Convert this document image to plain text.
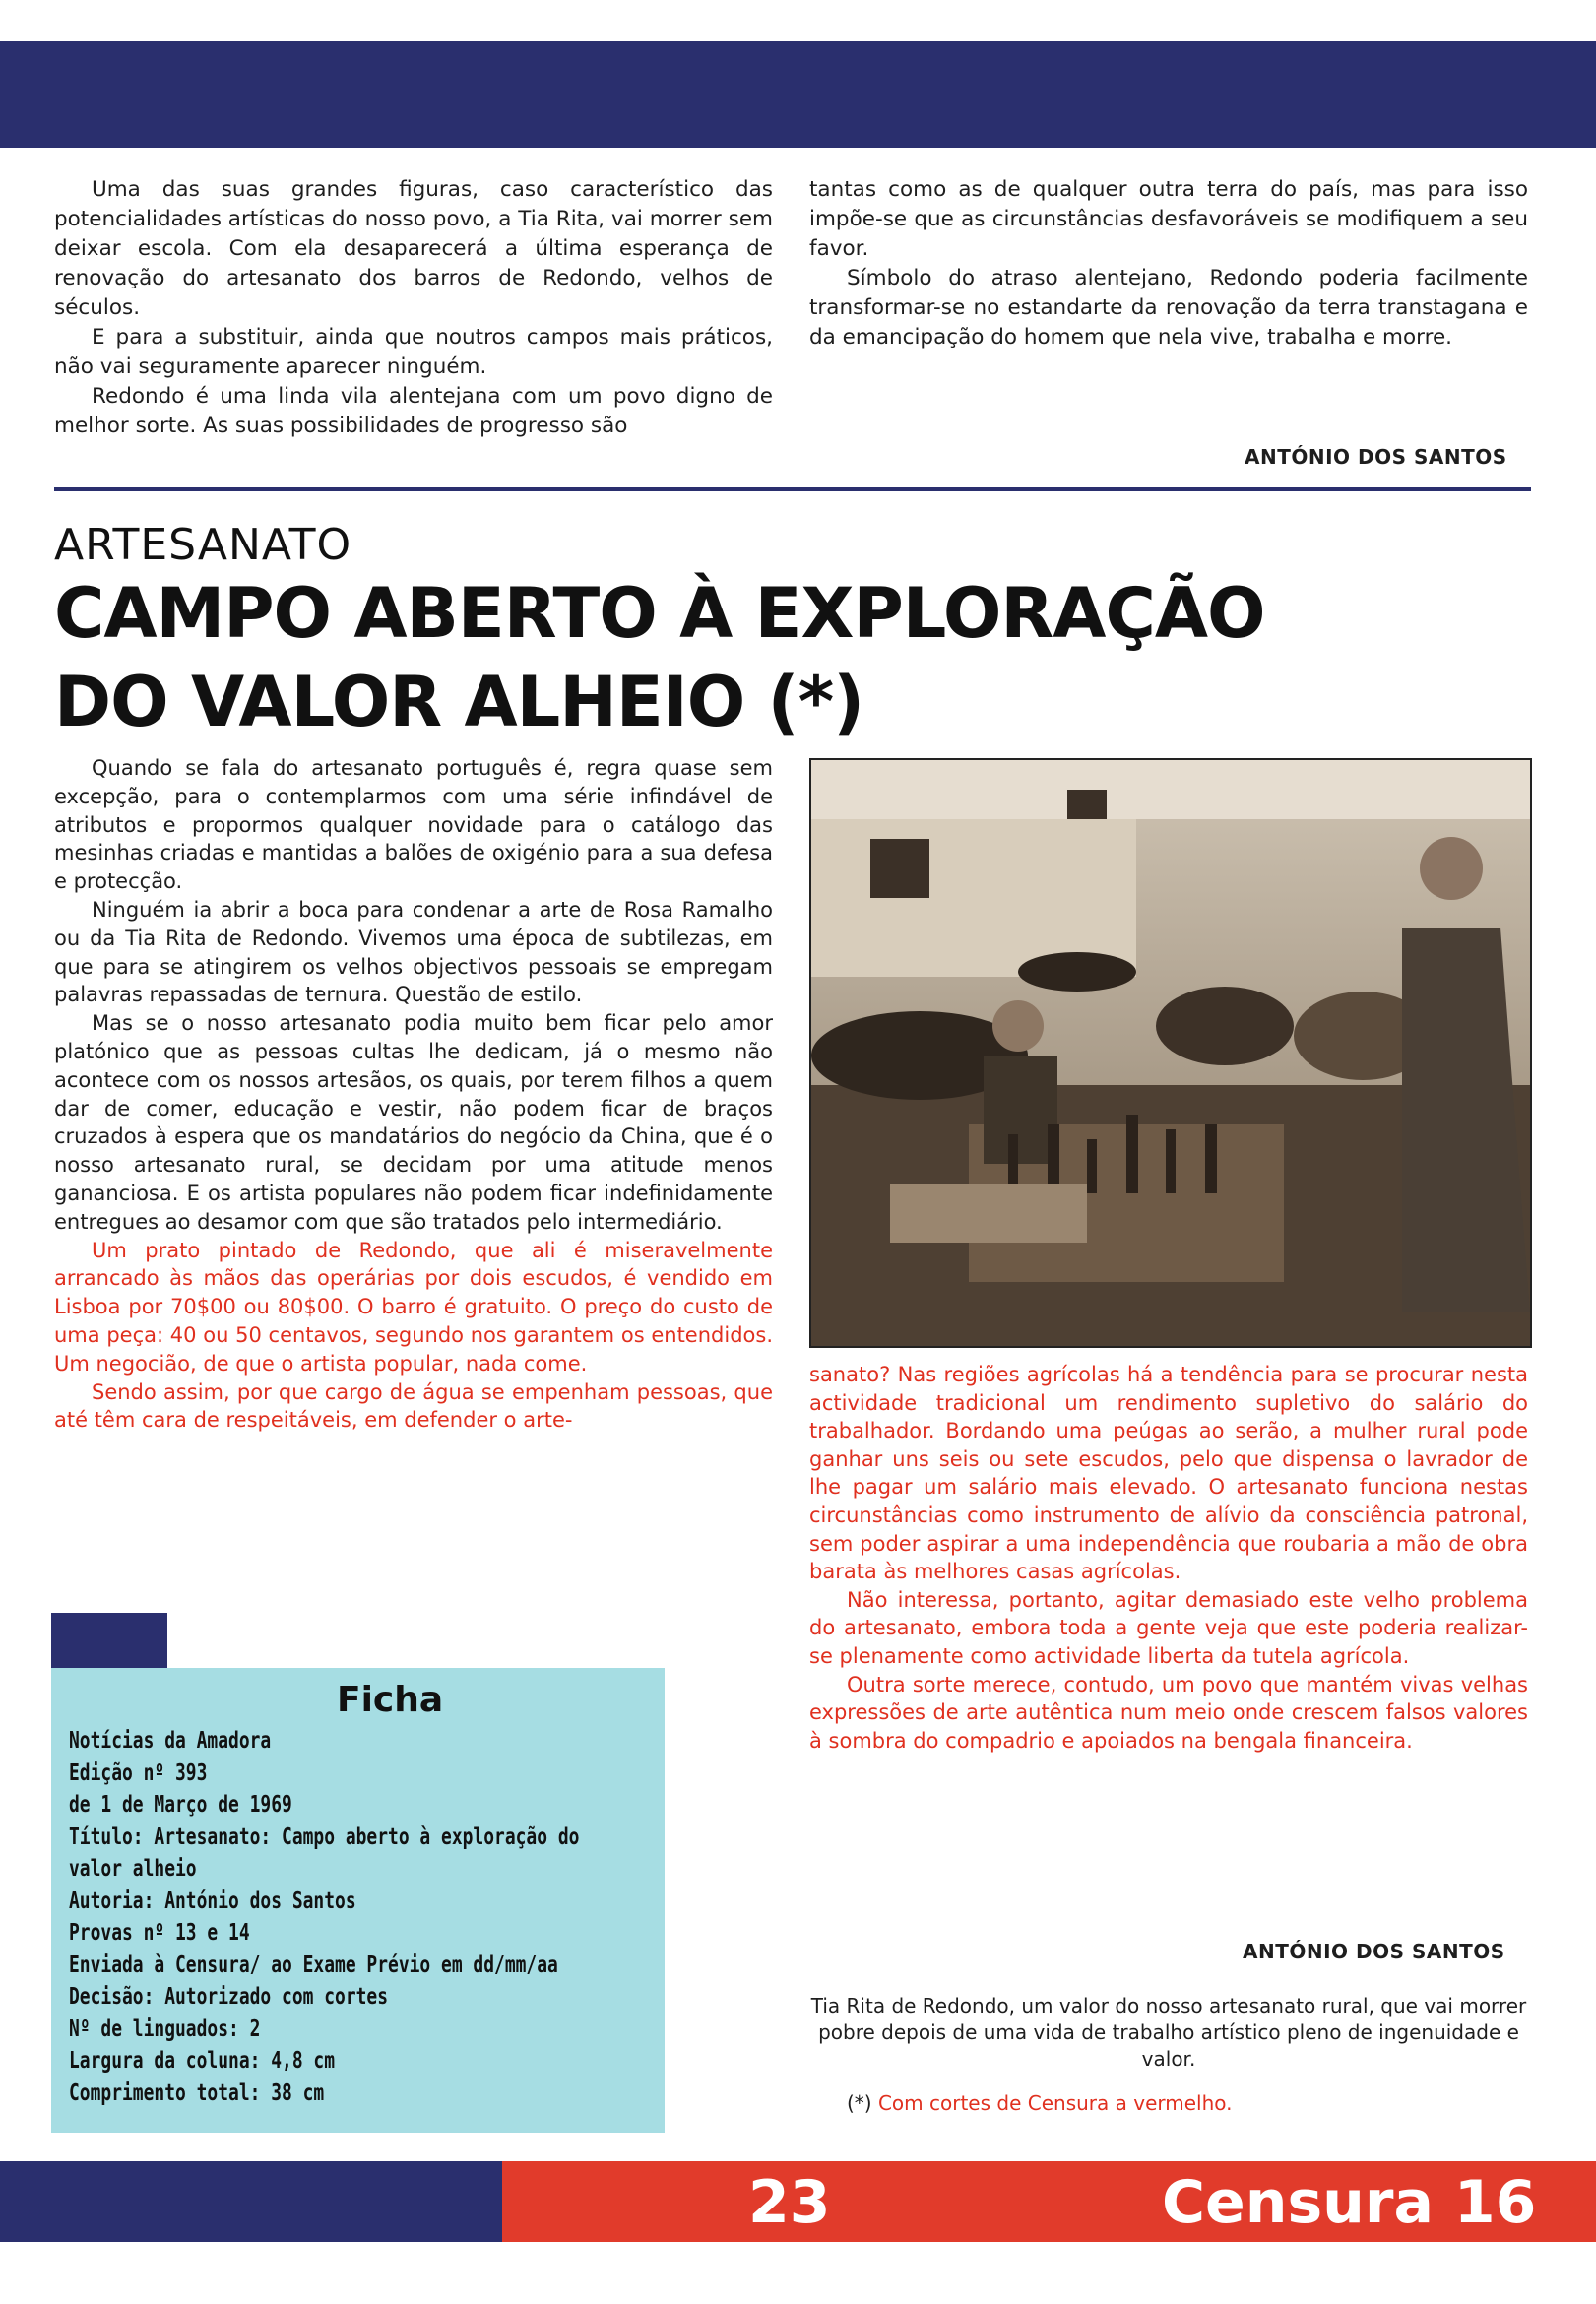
Uma das suas grandes figuras, caso característico das potencialidades artísticas do nosso povo, a Tia Rita, vai morrer sem deixar escola. Com ela desaparecerá a última esperança de renovação do artesanato dos barros de Redondo, velhos de séculos.

E para a substituir, ainda que noutros campos mais práticos, não vai seguramente aparecer ninguém.

Redondo é uma linda vila alentejana com um povo digno de melhor sorte. As suas possibilidades de progresso são

tantas como as de qualquer outra terra do país, mas para isso impõe-se que as circunstâncias desfavoráveis se modifiquem a seu favor.

Símbolo do atraso alentejano, Redondo poderia facilmente transformar-se no estandarte da renovação da terra transtagana e da emancipação do homem que nela vive, trabalha e morre.

ANTÓNIO DOS SANTOS
ARTESANATO
CAMPO ABERTO À EXPLORAÇÃO
DO VALOR ALHEIO (*)

Quando se fala do artesanato português é, regra quase sem excepção, para o contemplarmos com uma série infindável de atributos e propormos qualquer novidade para o catálogo das mesinhas criadas e mantidas a balões de oxigénio para a sua defesa e protecção.

Ninguém ia abrir a boca para condenar a arte de Rosa Ramalho ou da Tia Rita de Redondo. Vivemos uma época de subtilezas, em que para se atingirem os velhos objectivos pessoais se empregam palavras repassadas de ternura. Questão de estilo.

Mas se o nosso artesanato podia muito bem ficar pelo amor platónico que as pessoas cultas lhe dedicam, já o mesmo não acontece com os nossos artesãos, os quais, por terem filhos a quem dar de comer, educação e vestir, não podem ficar de braços cruzados à espera que os mandatários do negócio da China, que é o nosso artesanato rural, se decidam por uma atitude menos gananciosa. E os artista populares não podem ficar indefinidamente entregues ao desamor com que são tratados pelo intermediário.

Um prato pintado de Redondo, que ali é miseravelmente arrancado às mãos das operárias por dois escudos, é vendido em Lisboa por 70$00 ou 80$00. O barro é gratuito. O preço do custo de uma peça: 40 ou 50 centavos, segundo nos garantem os entendidos. Um negocião, de que o artista popular, nada come.

Sendo assim, por que cargo de água se empenham pessoas, que até têm cara de respeitáveis, em defender o arte-

sanato? Nas regiões agrícolas há a tendência para se procurar nesta actividade tradicional um rendimento supletivo do salário do trabalhador. Bordando uma peúgas ao serão, a mulher rural pode ganhar uns seis ou sete escudos, pelo que dispensa o lavrador de lhe pagar um salário mais elevado. O artesanato funciona nestas circunstâncias como instrumento de alívio da consciência patronal, sem poder aspirar a uma independência que roubaria a mão de obra barata às melhores casas agrícolas.

Não interessa, portanto, agitar demasiado este velho problema do artesanato, embora toda a gente veja que este poderia realizar-se plenamente como actividade liberta da tutela agrícola.

Outra sorte merece, contudo, um povo que mantém vivas velhas expressões de arte autêntica num meio onde crescem falsos valores à sombra do compadrio e apoiados na bengala financeira.

ANTÓNIO DOS SANTOS
Ficha
Notícias da Amadora
Edição nº 393
de 1 de Março de 1969
Título: Artesanato: Campo aberto à exploração do
valor alheio
Autoria: António dos Santos
Provas nº 13 e 14
Enviada à Censura/ ao Exame Prévio em dd/mm/aa
Decisão: Autorizado com cortes
Nº de linguados: 2
Largura da coluna: 4,8 cm
Comprimento total: 38 cm
Tia Rita de Redondo, um valor do nosso artesanato rural, que vai morrer pobre depois de uma vida de trabalho artístico pleno de ingenuidade e valor.
(*) Com cortes de Censura a vermelho.
23	Censura 16
